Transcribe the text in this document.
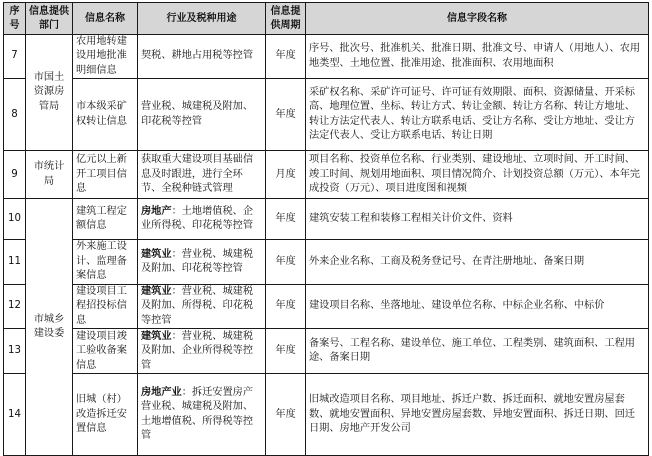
序号	信息提供部门	信息名称	行业及税种用途	信息提供周期	信息字段名称
7	市国土资源房管局	农用地转建设用地批准明细信息	契税、耕地占用税等控管	年度	序号、批次号、批准机关、批准日期、批准文号、申请人（用地人）、农用地类型、土地位置、批准用途、批准面积、农用地面积
8		市本级采矿权转让信息	营业税、城建税及附加、印花税等控管	年度	采矿权名称、采矿许可证号、许可证有效期限、面积、资源储量、开采标高、地理位置、坐标、转让方式、转让金额、转让方名称、转让方地址、转让方法定代表人、转让方联系电话、受让方名称、受让方地址、受让方法定代表人、受让方联系电话、转让日期
9	市统计局	亿元以上新开工项目信息	获取重大建设项目基础信息及时跟进，进行全环节、全税种链式管理	月度	项目名称、投资单位名称、行业类别、建设地址、立项时间、开工时间、竣工时间、规划用地面积、项目情况简介、计划投资总额（万元）、本年完成投资（万元）、项目进度图和视频
10	市城乡建设委	建筑工程定额信息	房地产：土地增值税、企业所得税、印花税等控管	年度	建筑安装工程和装修工程相关计价文件、资料
11		外来施工设计、监理备案信息	建筑业：营业税、城建税及附加、印花税等控管	年度	外来企业名称、工商及税务登记号、在青注册地址、备案日期
12		建设项目工程招投标信息	建筑业：营业税、城建税及附加、所得税、印花税等控管	年度	建设项目名称、坐落地址、建设单位名称、中标企业名称、中标价
13		建设项目竣工验收备案信息	建筑业：营业税、城建税及附加、企业所得税等控管	年度	备案号、工程名称、建设单位、施工单位、工程类别、建筑面积、工程用途、备案日期
14		旧城（村）改造拆迁安置信息	房地产业：拆迁安置房产营业税、城建税及附加、土地增值税、所得税等控管	年度	旧城改造项目名称、项目地址、拆迁户数、拆迁面积、就地安置房屋套数、就地安置面积、异地安置房屋套数、异地安置面积、拆迁日期、回迁日期、房地产开发公司
